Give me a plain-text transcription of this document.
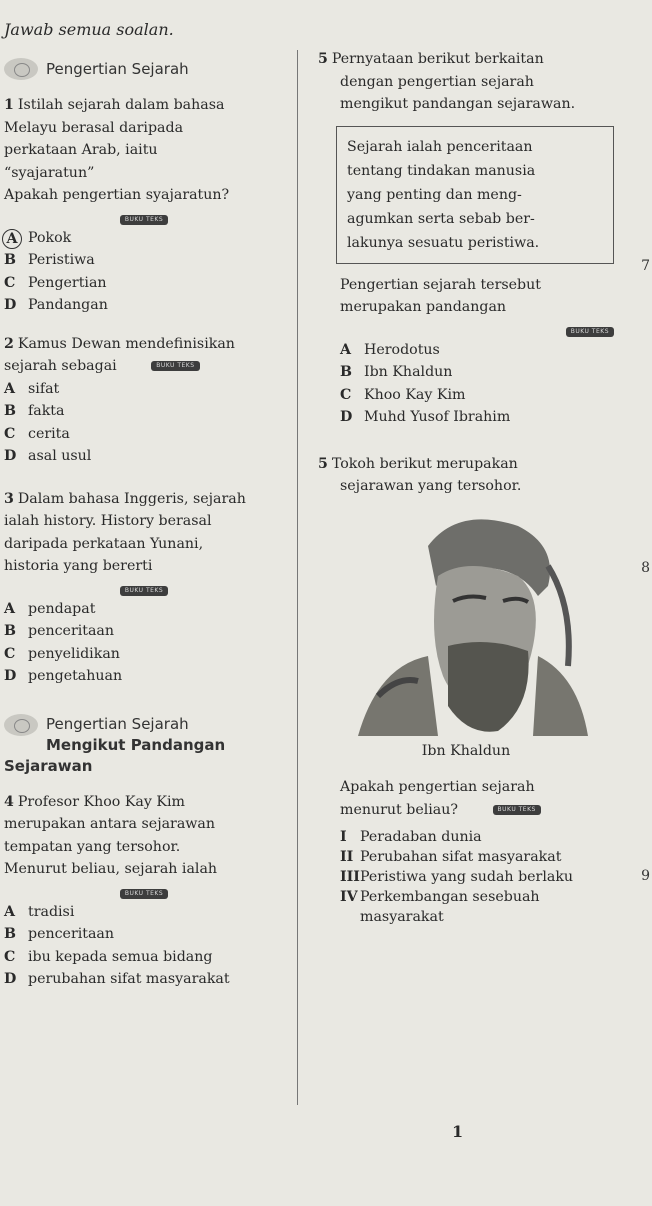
Jawab semua soalan.
Pengertian Sejarah

1 Istilah sejarah dalam bahasa

Melayu berasal daripada

perkataan Arab, iaitu

“syajaratun”

Apakah pengertian syajaratun?

BUKU TEKS
A Pokok
B Peristiwa
C Pengertian
D Pandangan

2 Kamus Dewan mendefinisikan

sejarah sebagai	BUKU TEKS

A sifat
B fakta
C cerita
D asal usul

3 Dalam bahasa Inggeris, sejarah

ialah history. History berasal

daripada perkataan Yunani,

historia yang bererti

BUKU TEKS
A pendapat
B penceritaan
C penyelidikan
D pengetahuan
Pengertian Sejarah
Mengikut Pandangan
Sejarawan

4 Profesor Khoo Kay Kim

merupakan antara sejarawan

tempatan yang tersohor.

Menurut beliau, sejarah ialah

BUKU TEKS
A tradisi
B penceritaan
C ibu kepada semua bidang
D perubahan sifat masyarakat

5 Pernyataan berikut berkaitan

dengan pengertian sejarah

mengikut pandangan sejarawan.

Sejarah ialah penceritaan
tentang tindakan manusia
yang penting dan meng-
agumkan serta sebab ber-
lakunya sesuatu peristiwa.

Pengertian sejarah tersebut

merupakan pandangan

BUKU TEKS
A Herodotus
B Ibn Khaldun
C Khoo Kay Kim
D Muhd Yusof Ibrahim

5 Tokoh berikut merupakan

sejarawan yang tersohor.

Ibn Khaldun

Apakah pengertian sejarah

menurut beliau?	BUKU TEKS

I Peradaban dunia
II Perubahan sifat masyarakat
III Peristiwa yang sudah berlaku
IV Perkembangan sesebuah masyarakat
7
8
9
1
